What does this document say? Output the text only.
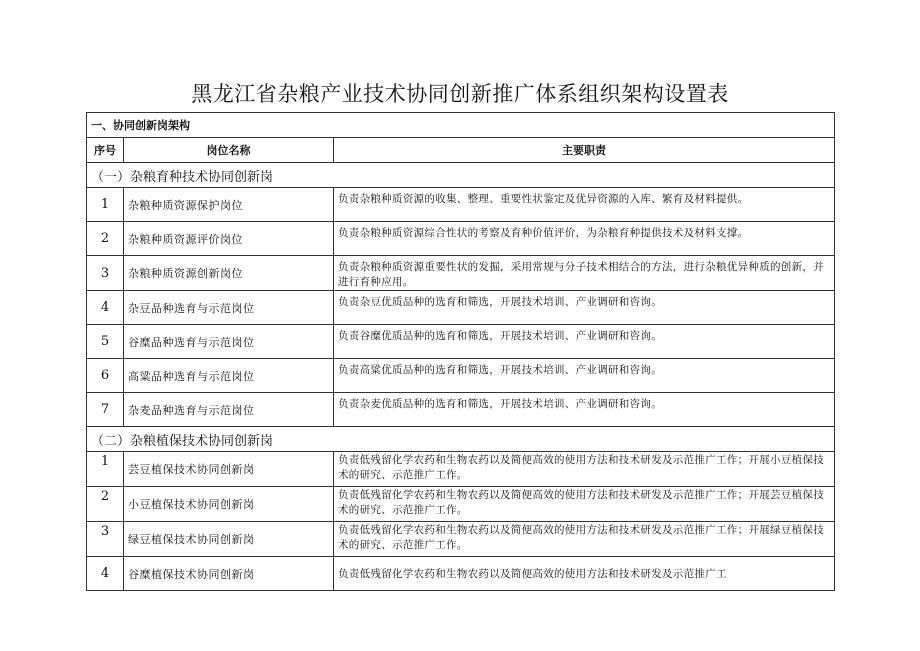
黑龙江省杂粮产业技术协同创新推广体系组织架构设置表
一、协同创新岗架构		
序号	岗位名称	主要职责
（一）杂粮育种技术协同创新岗		
1	杂粮种质资源保护岗位	负责杂粮种质资源的收集、整理、重要性状鉴定及优异资源的入库、繁育及材料提供。
2	杂粮种质资源评价岗位	负责杂粮种质资源综合性状的考察及育种价值评价，为杂粮育种提供技术及材料支撑。
3	杂粮种质资源创新岗位	负责杂粮种质资源重要性状的发掘，采用常规与分子技术相结合的方法，进行杂粮优异种质的创新，并进行育种应用。
4	杂豆品种选育与示范岗位	负责杂豆优质品种的选育和筛选，开展技术培训、产业调研和咨询。
5	谷糜品种选育与示范岗位	负责谷糜优质品种的选育和筛选，开展技术培训、产业调研和咨询。
6	高粱品种选育与示范岗位	负责高粱优质品种的选育和筛选，开展技术培训、产业调研和咨询。
7	杂麦品种选育与示范岗位	负责杂麦优质品种的选育和筛选，开展技术培训、产业调研和咨询。
（二）杂粮植保技术协同创新岗		
1	芸豆植保技术协同创新岗	负责低残留化学农药和生物农药以及简便高效的使用方法和技术研发及示范推广工作；开展小豆植保技术的研究、示范推广工作。
2	小豆植保技术协同创新岗	负责低残留化学农药和生物农药以及简便高效的使用方法和技术研发及示范推广工作；开展芸豆植保技术的研究、示范推广工作。
3	绿豆植保技术协同创新岗	负责低残留化学农药和生物农药以及简便高效的使用方法和技术研发及示范推广工作；开展绿豆植保技术的研究、示范推广工作。
4	谷糜植保技术协同创新岗	负责低残留化学农药和生物农药以及简便高效的使用方法和技术研发及示范推广工
